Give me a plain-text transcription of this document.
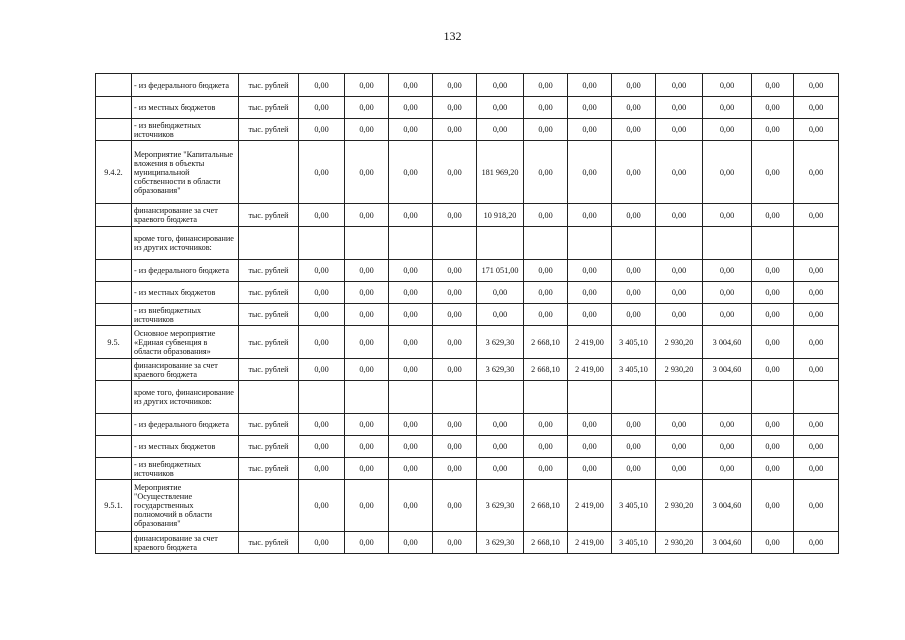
132
	- из федерального бюджета	тыс. рублей	0,00	0,00	0,00	0,00	0,00	0,00	0,00	0,00	0,00	0,00	0,00	0,00
	- из местных бюджетов	тыс. рублей	0,00	0,00	0,00	0,00	0,00	0,00	0,00	0,00	0,00	0,00	0,00	0,00
	- из внебюджетных источников	тыс. рублей	0,00	0,00	0,00	0,00	0,00	0,00	0,00	0,00	0,00	0,00	0,00	0,00
9.4.2.	Мероприятие "Капитальные вложения в объекты муниципальной собственности в области образования"		0,00	0,00	0,00	0,00	181 969,20	0,00	0,00	0,00	0,00	0,00	0,00	0,00
	финансирование за счет краевого бюджета	тыс. рублей	0,00	0,00	0,00	0,00	10 918,20	0,00	0,00	0,00	0,00	0,00	0,00	0,00
	кроме того, финансирование из других источников:													
	- из федерального бюджета	тыс. рублей	0,00	0,00	0,00	0,00	171 051,00	0,00	0,00	0,00	0,00	0,00	0,00	0,00
	- из местных бюджетов	тыс. рублей	0,00	0,00	0,00	0,00	0,00	0,00	0,00	0,00	0,00	0,00	0,00	0,00
	- из внебюджетных источников	тыс. рублей	0,00	0,00	0,00	0,00	0,00	0,00	0,00	0,00	0,00	0,00	0,00	0,00
9.5.	Основное мероприятие «Единая субвенция в области образования»	тыс. рублей	0,00	0,00	0,00	0,00	3 629,30	2 668,10	2 419,00	3 405,10	2 930,20	3 004,60	0,00	0,00
	финансирование за счет краевого бюджета	тыс. рублей	0,00	0,00	0,00	0,00	3 629,30	2 668,10	2 419,00	3 405,10	2 930,20	3 004,60	0,00	0,00
	кроме того, финансирование из других источников:													
	- из федерального бюджета	тыс. рублей	0,00	0,00	0,00	0,00	0,00	0,00	0,00	0,00	0,00	0,00	0,00	0,00
	- из местных бюджетов	тыс. рублей	0,00	0,00	0,00	0,00	0,00	0,00	0,00	0,00	0,00	0,00	0,00	0,00
	- из внебюджетных источников	тыс. рублей	0,00	0,00	0,00	0,00	0,00	0,00	0,00	0,00	0,00	0,00	0,00	0,00
9.5.1.	Мероприятие "Осуществление государственных полномочий в области образования"		0,00	0,00	0,00	0,00	3 629,30	2 668,10	2 419,00	3 405,10	2 930,20	3 004,60	0,00	0,00
	финансирование за счет краевого бюджета	тыс. рублей	0,00	0,00	0,00	0,00	3 629,30	2 668,10	2 419,00	3 405,10	2 930,20	3 004,60	0,00	0,00
